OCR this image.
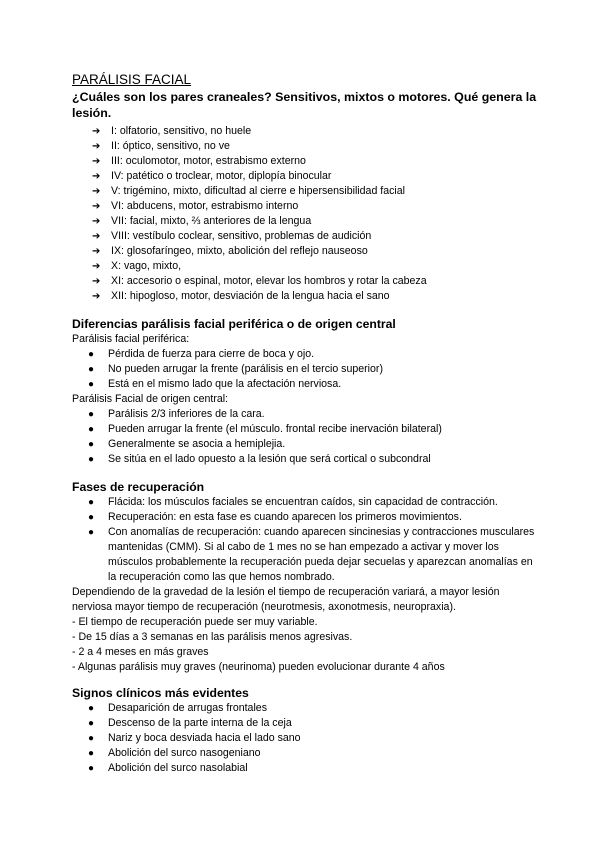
PARÁLISIS FACIAL

¿Cuáles son los pares craneales? Sensitivos, mixtos o motores. Qué genera la lesión.

➔ I: olfatorio, sensitivo, no huele
➔ II: óptico, sensitivo, no ve
➔ III: oculomotor, motor, estrabismo externo
➔ IV: patético o troclear, motor, diplopía binocular
➔ V: trigémino, mixto, dificultad al cierre e hipersensibilidad facial
➔ VI: abducens, motor, estrabismo interno
➔ VII: facial, mixto, ⅔ anteriores de la lengua
➔ VIII: vestíbulo coclear, sensitivo, problemas de audición
➔ IX: glosofaríngeo, mixto, abolición del reflejo nauseoso
➔ X: vago, mixto,
➔ XI: accesorio o espinal, motor, elevar los hombros y rotar la cabeza
➔ XII: hipogloso, motor, desviación de la lengua hacia el sano
Diferencias parálisis facial periférica o de origen central

Parálisis facial periférica:

● Pérdida de fuerza para cierre de boca y ojo.
● No pueden arrugar la frente (parálisis en el tercio superior)
● Está en el mismo lado que la afectación nerviosa.

Parálisis Facial de origen central:

● Parálisis 2/3 inferiores de la cara.
● Pueden arrugar la frente (el músculo. frontal recibe inervación bilateral)
● Generalmente se asocia a hemiplejia.
● Se sitúa en el lado opuesto a la lesión que será cortical o subcondral
Fases de recuperación
● Flácida: los músculos faciales se encuentran caídos, sin capacidad de contracción.
● Recuperación: en esta fase es cuando aparecen los primeros movimientos.
● Con anomalías de recuperación: cuando aparecen sincinesias y contracciones musculares mantenidas (CMM). Si al cabo de 1 mes no se han empezado a activar y mover los músculos probablemente la recuperación pueda dejar secuelas y aparezcan anomalías en la recuperación como las que hemos nombrado.

Dependiendo de la gravedad de la lesión el tiempo de recuperación variará, a mayor lesión nerviosa mayor tiempo de recuperación (neurotmesis, axonotmesis, neuropraxia).

- El tiempo de recuperación puede ser muy variable.

- De 15 días a 3 semanas en las parálisis menos agresivas.

- 2 a 4 meses en más graves

- Algunas parálisis muy graves (neurinoma) pueden evolucionar durante 4 años

Signos clínicos más evidentes
● Desaparición de arrugas frontales
● Descenso de la parte interna de la ceja
● Nariz y boca desviada hacia el lado sano
● Abolición del surco nasogeniano
● Abolición del surco nasolabial
